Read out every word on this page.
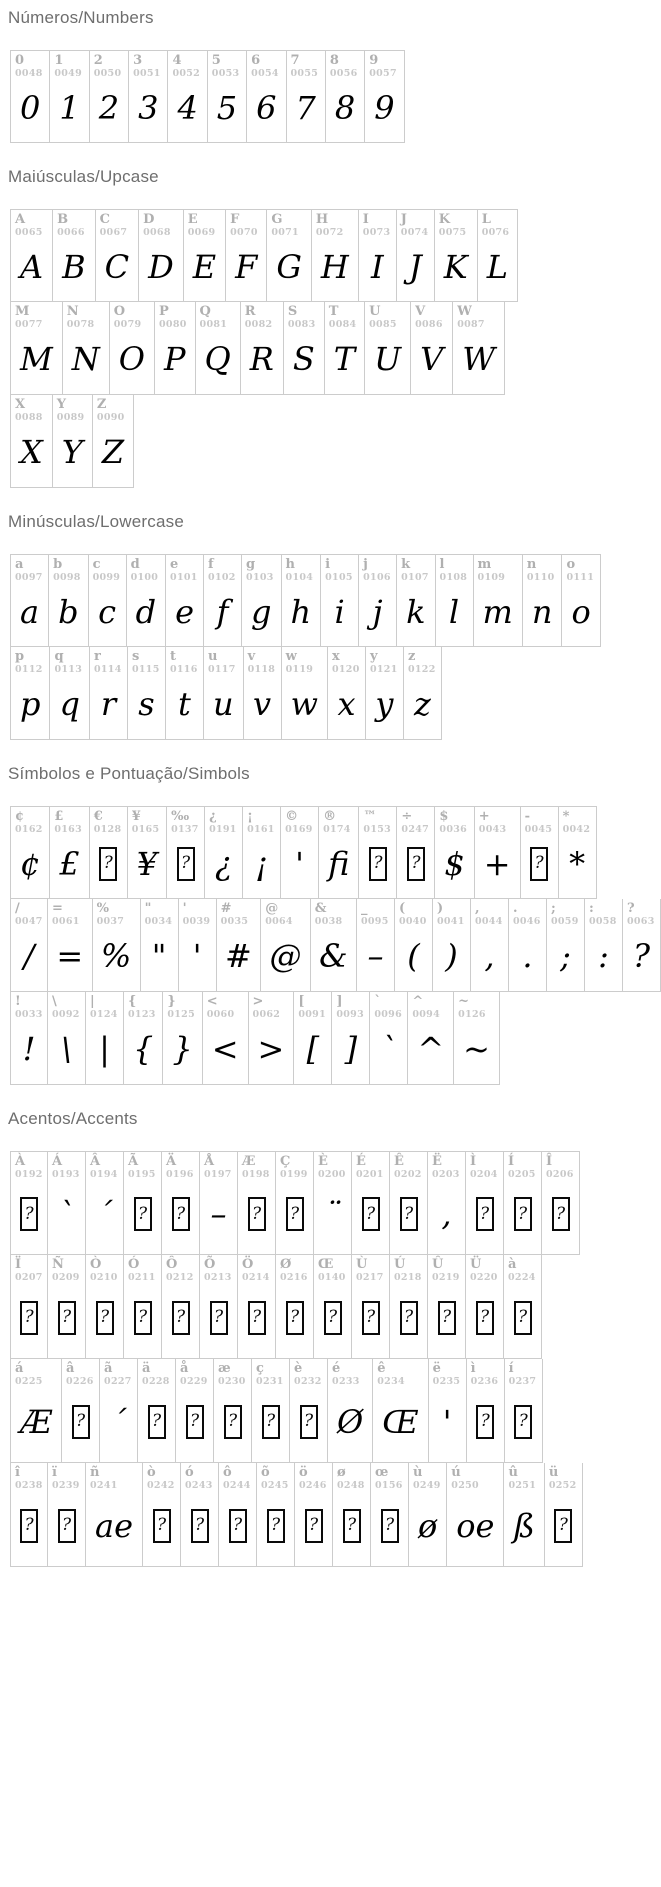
Números/Numbers
0
0048
0
1
0049
1
2
0050
2
3
0051
3
4
0052
4
5
0053
5
6
0054
6
7
0055
7
8
0056
8
9
0057
9
Maiúsculas/Upcase
A
0065
A
B
0066
B
C
0067
C
D
0068
D
E
0069
E
F
0070
F
G
0071
G
H
0072
H
I
0073
I
J
0074
J
K
0075
K
L
0076
L
M
0077
M
N
0078
N
O
0079
O
P
0080
P
Q
0081
Q
R
0082
R
S
0083
S
T
0084
T
U
0085
U
V
0086
V
W
0087
W
X
0088
X
Y
0089
Y
Z
0090
Z
Minúsculas/Lowercase
a
0097
a
b
0098
b
c
0099
c
d
0100
d
e
0101
e
f
0102
f
g
0103
g
h
0104
h
i
0105
i
j
0106
j
k
0107
k
l
0108
l
m
0109
m
n
0110
n
o
0111
o
p
0112
p
q
0113
q
r
0114
r
s
0115
s
t
0116
t
u
0117
u
v
0118
v
w
0119
w
x
0120
x
y
0121
y
z
0122
z
Símbolos e Pontuação/Simbols
¢
0162
¢
£
0163
£
€
0128
?
¥
0165
¥
‰
0137
?
¿
0191
¿
¡
0161
¡
©
0169
'
®
0174
fi
™
0153
?
÷
0247
?
$
0036
$
+
0043
+
-
0045
?
*
0042
*
/
0047
/
=
0061
=
%
0037
%
"
0034
"
'
0039
'
#
0035
#
@
0064
@
&
0038
&
_
0095
–
(
0040
(
)
0041
)
,
0044
,
.
0046
.
;
0059
;
:
0058
:
?
0063
?
!
0033
!
\
0092
\
|
0124
|
{
0123
{
}
0125
}
<
0060
<
>
0062
>
[
0091
[
]
0093
]
`
0096
`
^
0094
^
~
0126
~
Acentos/Accents
À
0192
?
Á
0193
`
Â
0194
´
Ã
0195
?
Ä
0196
?
Å
0197
–
Æ
0198
?
Ç
0199
?
È
0200
¨
É
0201
?
Ê
0202
?
Ë
0203
,
Ì
0204
?
Í
0205
?
Î
0206
?
Ï
0207
?
Ñ
0209
?
Ò
0210
?
Ó
0211
?
Ô
0212
?
Õ
0213
?
Ö
0214
?
Ø
0216
?
Œ
0140
?
Ù
0217
?
Ú
0218
?
Û
0219
?
Ü
0220
?
à
0224
?
á
0225
Æ
â
0226
?
ã
0227
´
ä
0228
?
å
0229
?
æ
0230
?
ç
0231
?
è
0232
?
é
0233
Ø
ê
0234
Œ
ë
0235
'
ì
0236
?
í
0237
?
î
0238
?
ï
0239
?
ñ
0241
ae
ò
0242
?
ó
0243
?
ô
0244
?
õ
0245
?
ö
0246
?
ø
0248
?
œ
0156
?
ù
0249
ø
ú
0250
oe
û
0251
ß
ü
0252
?
